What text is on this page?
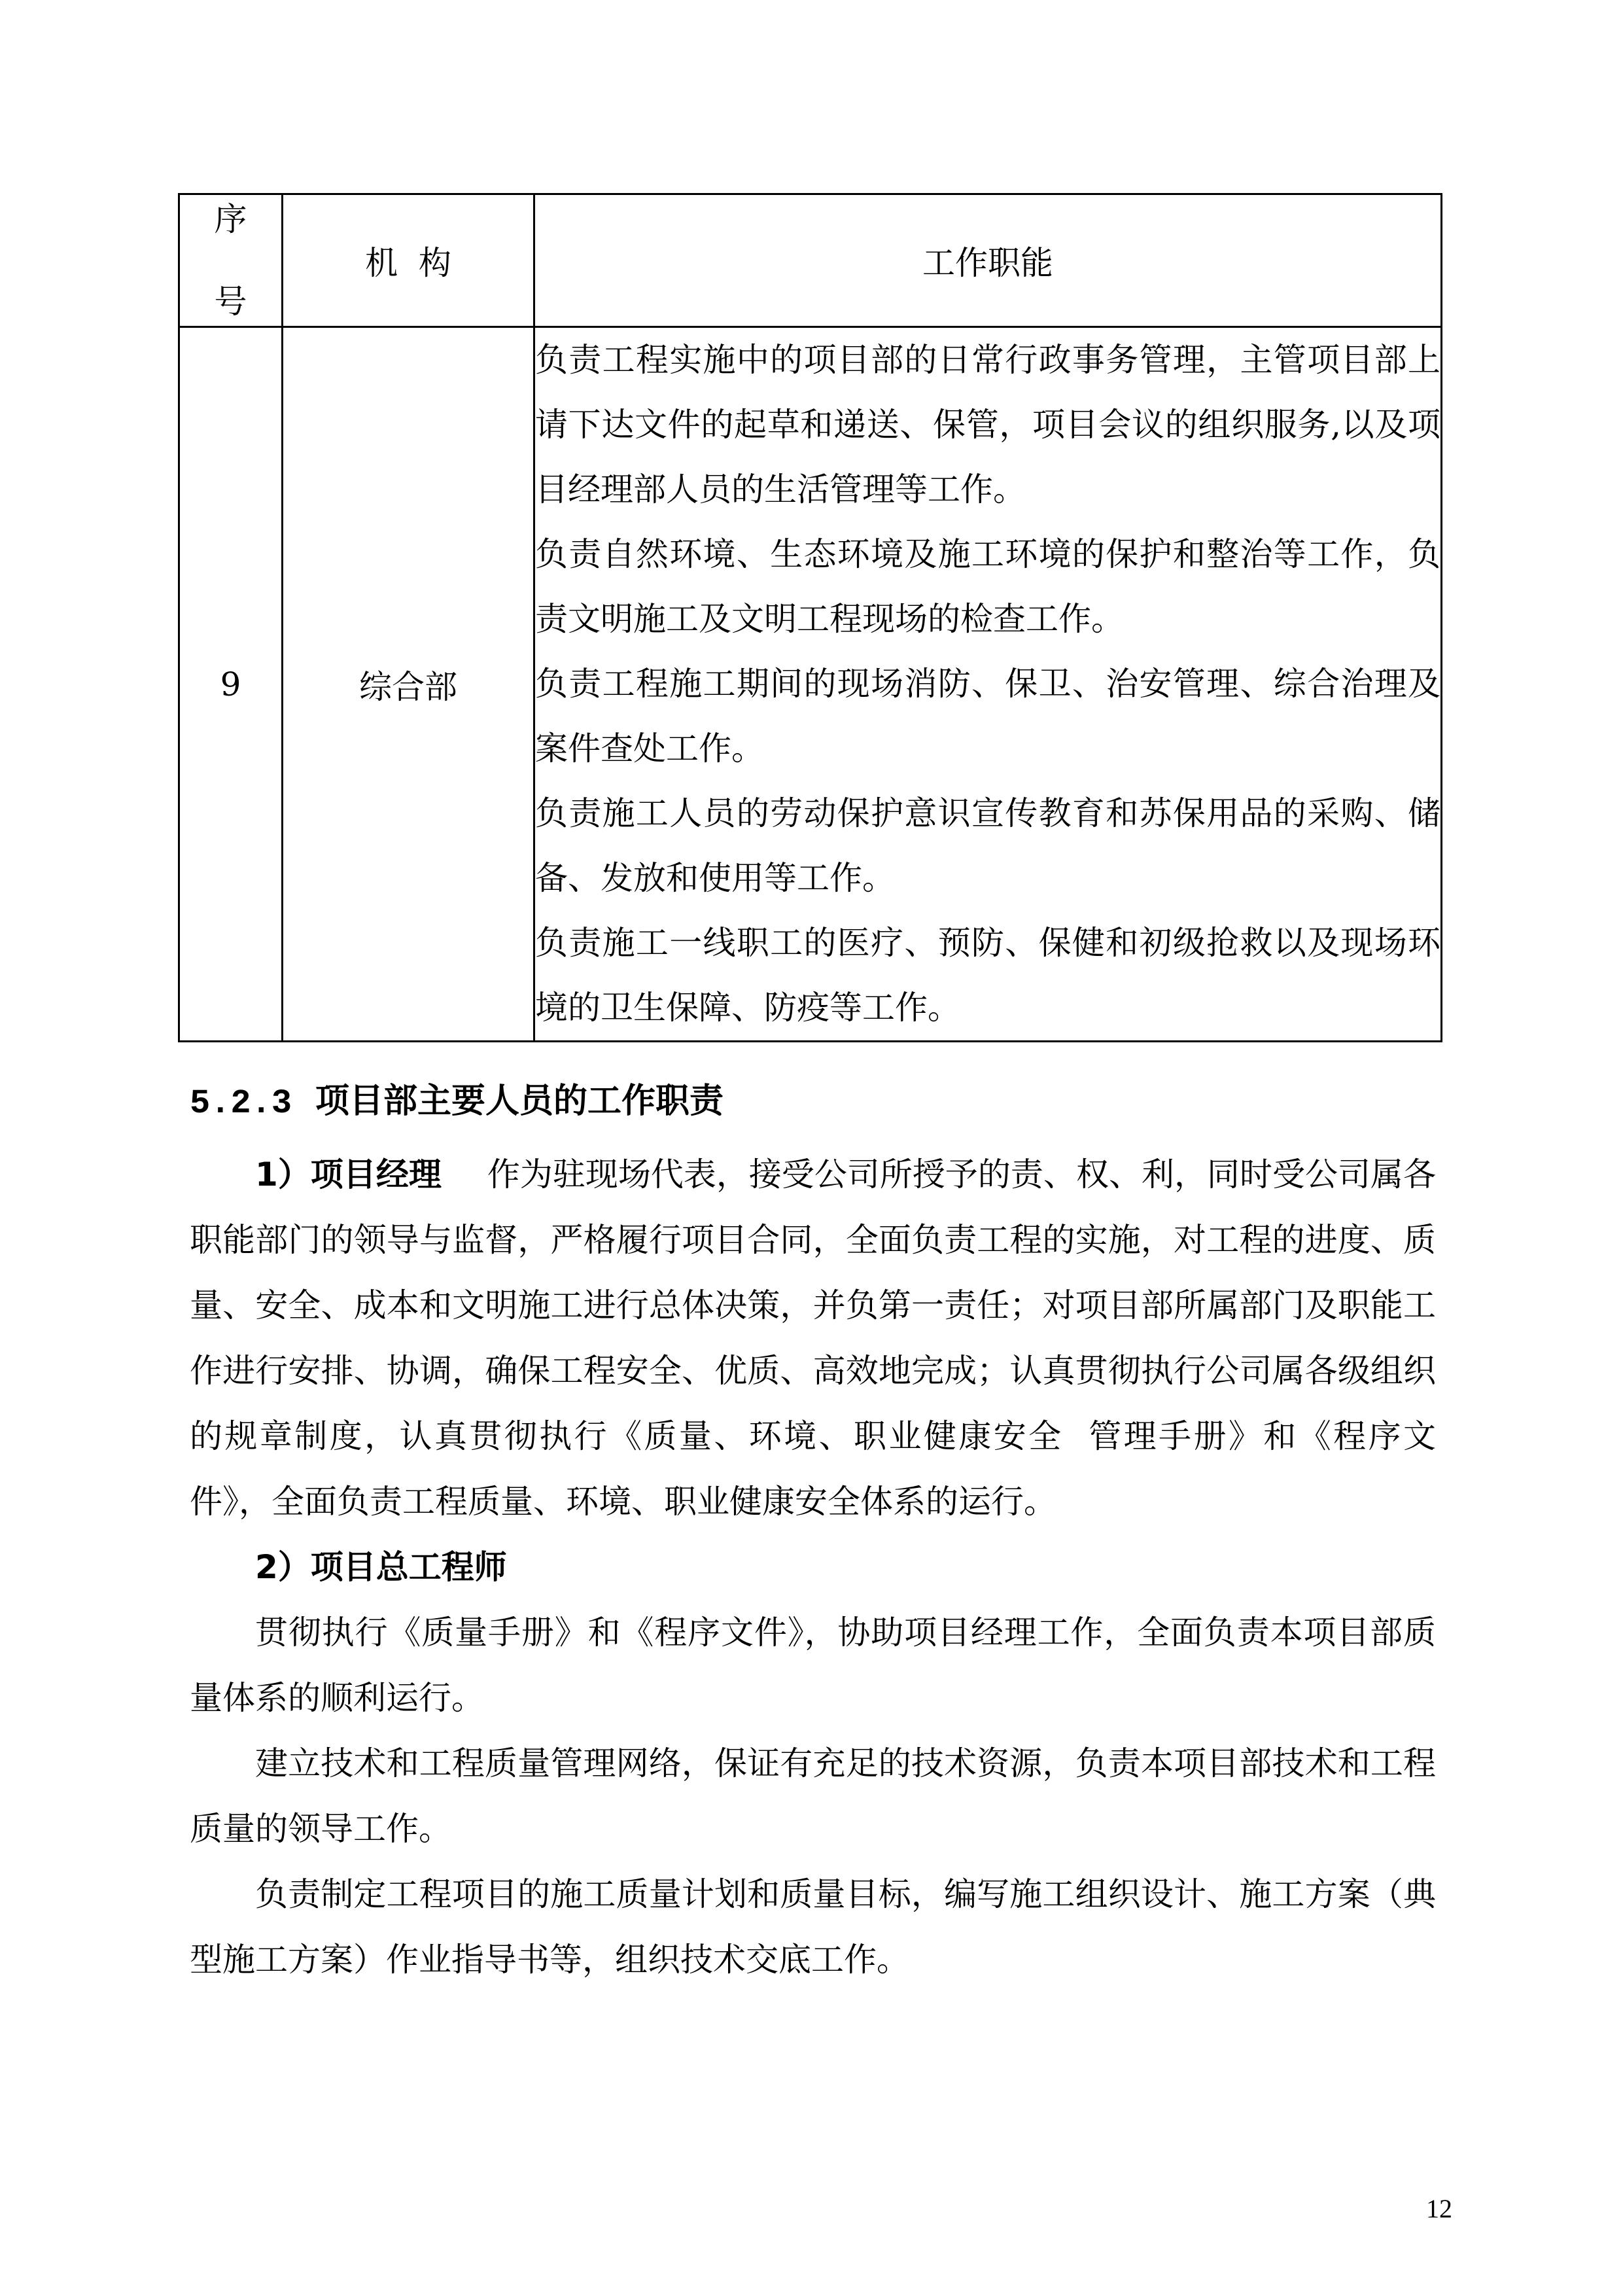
序
号	机  构	工作职能
9	综合部	负责工程实施中的项目部的日常行政事务管理，主管项目部上请下达文件的起草和递送、保管，项目会议的组织服务,以及项目经理部人员的生活管理等工作。

负责自然环境、生态环境及施工环境的保护和整治等工作，负责文明施工及文明工程现场的检查工作。

负责工程施工期间的现场消防、保卫、治安管理、综合治理及案件查处工作。

负责施工人员的劳动保护意识宣传教育和苏保用品的采购、储备、发放和使用等工作。

负责施工一线职工的医疗、预防、保健和初级抢救以及现场环境的卫生保障、防疫等工作。

5.2.3 项目部主要人员的工作职责

1）项目经理 作为驻现场代表，接受公司所授予的责、权、利，同时受公司属各职能部门的领导与监督，严格履行项目合同，全面负责工程的实施，对工程的进度、质量、安全、成本和文明施工进行总体决策，并负第一责任；对项目部所属部门及职能工作进行安排、协调，确保工程安全、优质、高效地完成；认真贯彻执行公司属各级组织的规章制度，认真贯彻执行《质量、环境、职业健康安全  管理手册》和《程序文件》，全面负责工程质量、环境、职业健康安全体系的运行。

2）项目总工程师

贯彻执行《质量手册》和《程序文件》，协助项目经理工作，全面负责本项目部质量体系的顺利运行。

建立技术和工程质量管理网络，保证有充足的技术资源，负责本项目部技术和工程质量的领导工作。

负责制定工程项目的施工质量计划和质量目标，编写施工组织设计、施工方案（典型施工方案）作业指导书等，组织技术交底工作。

12
